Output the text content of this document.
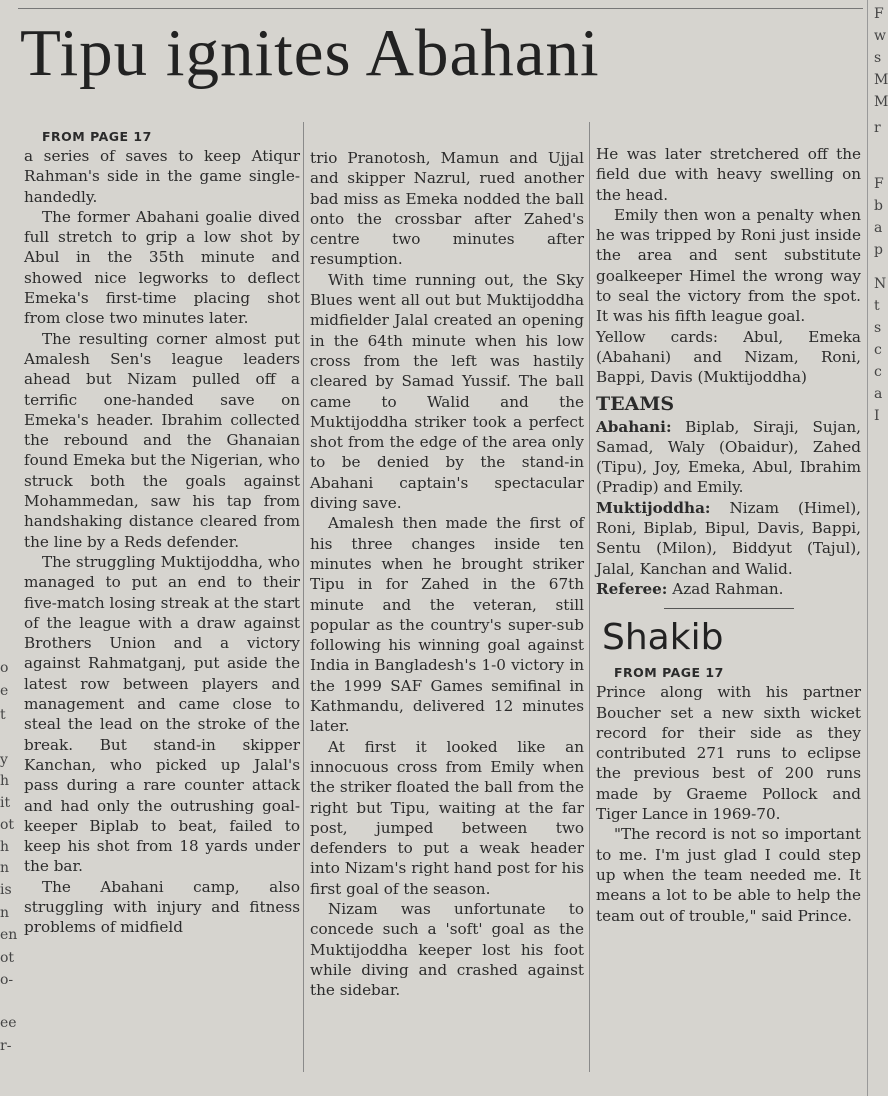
Tipu ignites Abahani
o
e
t
y
h
it
ot
h
n
is
n
en
ot
o-
ee
r-
F
w
s
M
M
r
F
b
a
p
N
t
s
c
c
a
I

FROM PAGE 17

a series of saves to keep Atiqur Rahman's side in the game single-handedly.

The former Abahani goalie dived full stretch to grip a low shot by Abul in the 35th minute and showed nice legworks to deflect Emeka's first-time placing shot from close two minutes later.

The resulting corner almost put Amalesh Sen's league leaders ahead but Nizam pulled off a terrific one-handed save on Emeka's header. Ibrahim collected the rebound and the Ghanaian found Emeka but the Nigerian, who struck both the goals against Mohammedan, saw his tap from handshaking distance cleared from the line by a Reds defender.

The struggling Muktijoddha, who managed to put an end to their five-match losing streak at the start of the league with a draw against Brothers Union and a victory against Rahmatganj, put aside the latest row between players and management and came close to steal the lead on the stroke of the break. But stand-in skipper Kanchan, who picked up Jalal's pass during a rare counter attack and had only the outrushing goal-keeper Biplab to beat, failed to keep his shot from 18 yards under the bar.

The Abahani camp, also struggling with injury and fitness problems of midfield

trio Pranotosh, Mamun and Ujjal and skipper Nazrul, rued another bad miss as Emeka nodded the ball onto the crossbar after Zahed's centre two minutes after resumption.

With time running out, the Sky Blues went all out but Muktijoddha midfielder Jalal created an opening in the 64th minute when his low cross from the left was hastily cleared by Samad Yussif. The ball came to Walid and the Muktijoddha striker took a perfect shot from the edge of the area only to be denied by the stand-in Abahani captain's spectacular diving save.

Amalesh then made the first of his three changes inside ten minutes when he brought striker Tipu in for Zahed in the 67th minute and the veteran, still popular as the country's super-sub following his winning goal against India in Bangladesh's 1-0 victory in the 1999 SAF Games semifinal in Kathmandu, delivered 12 minutes later.

At first it looked like an innocuous cross from Emily when the striker floated the ball from the right but Tipu, waiting at the far post, jumped between two defenders to put a weak header into Nizam's right hand post for his first goal of the season.

Nizam was unfortunate to concede such a 'soft' goal as the Muktijoddha keeper lost his foot while diving and crashed against the sidebar.

He was later stretchered off the field due with heavy swelling on the head.

Emily then won a penalty when he was tripped by Roni just inside the area and sent substitute goalkeeper Himel the wrong way to seal the victory from the spot. It was his fifth league goal.

Yellow cards: Abul, Emeka (Abahani) and Nizam, Roni, Bappi, Davis (Muktijoddha)

TEAMS

Abahani: Biplab, Siraji, Sujan, Samad, Waly (Obaidur), Zahed (Tipu), Joy, Emeka, Abul, Ibrahim (Pradip) and Emily.

Muktijoddha: Nizam (Himel), Roni, Biplab, Bipul, Davis, Bappi, Sentu (Milon), Biddyut (Tajul), Jalal, Kanchan and Walid.

Referee: Azad Rahman.

Shakib

FROM PAGE 17

Prince along with his partner Boucher set a new sixth wicket record for their side as they contributed 271 runs to eclipse the previous best of 200 runs made by Graeme Pollock and Tiger Lance in 1969-70.

"The record is not so important to me. I'm just glad I could step up when the team needed me. It means a lot to be able to help the team out of trouble," said Prince.
